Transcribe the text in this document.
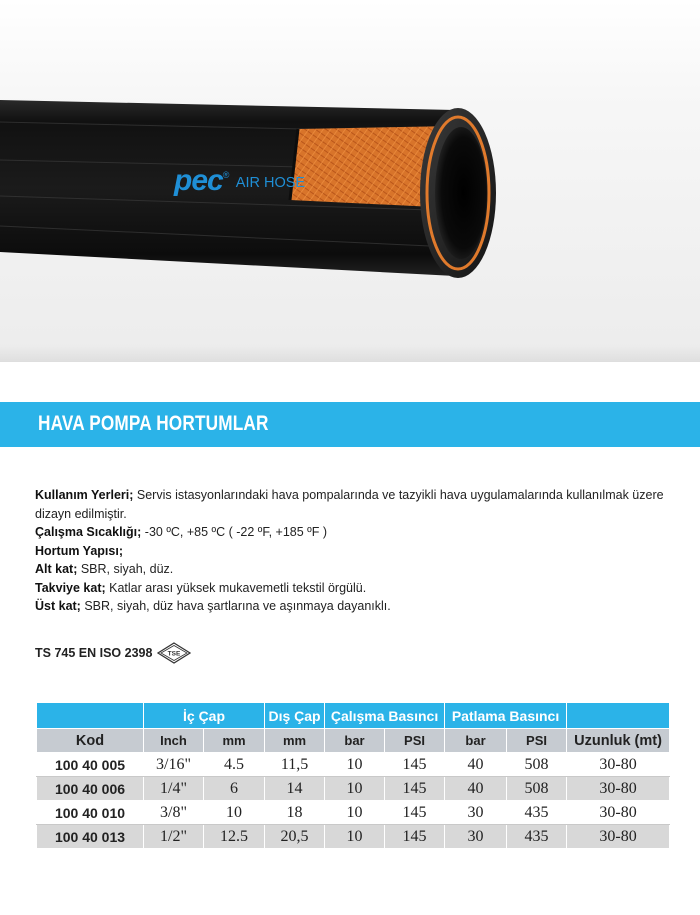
pec® AIR HOSE
HAVA POMPA HORTUMLAR

Kullanım Yerleri; Servis istasyonlarındaki hava pompalarında ve tazyikli hava uygulamalarında kullanılmak üzere dizayn edilmiştir.

Çalışma Sıcaklığı; -30 ºC, +85 ºC ( -22 ºF, +185 ºF )

Hortum Yapısı;

Alt kat; SBR, siyah, düz.

Takviye kat; Katlar arası yüksek mukavemetli tekstil örgülü.

Üst kat; SBR, siyah, düz hava şartlarına ve aşınmaya dayanıklı.

TS 745 EN ISO 2398 TSE
	İç Çap		Dış Çap	Çalışma Basıncı		Patlama Basıncı		
Kod	Inch	mm	mm	bar	PSI	bar	PSI	Uzunluk (mt)
100 40 005	3/16"	4.5	11,5	10	145	40	508	30-80
100 40 006	1/4"	6	14	10	145	40	508	30-80
100 40 010	3/8"	10	18	10	145	30	435	30-80
100 40 013	1/2"	12.5	20,5	10	145	30	435	30-80
